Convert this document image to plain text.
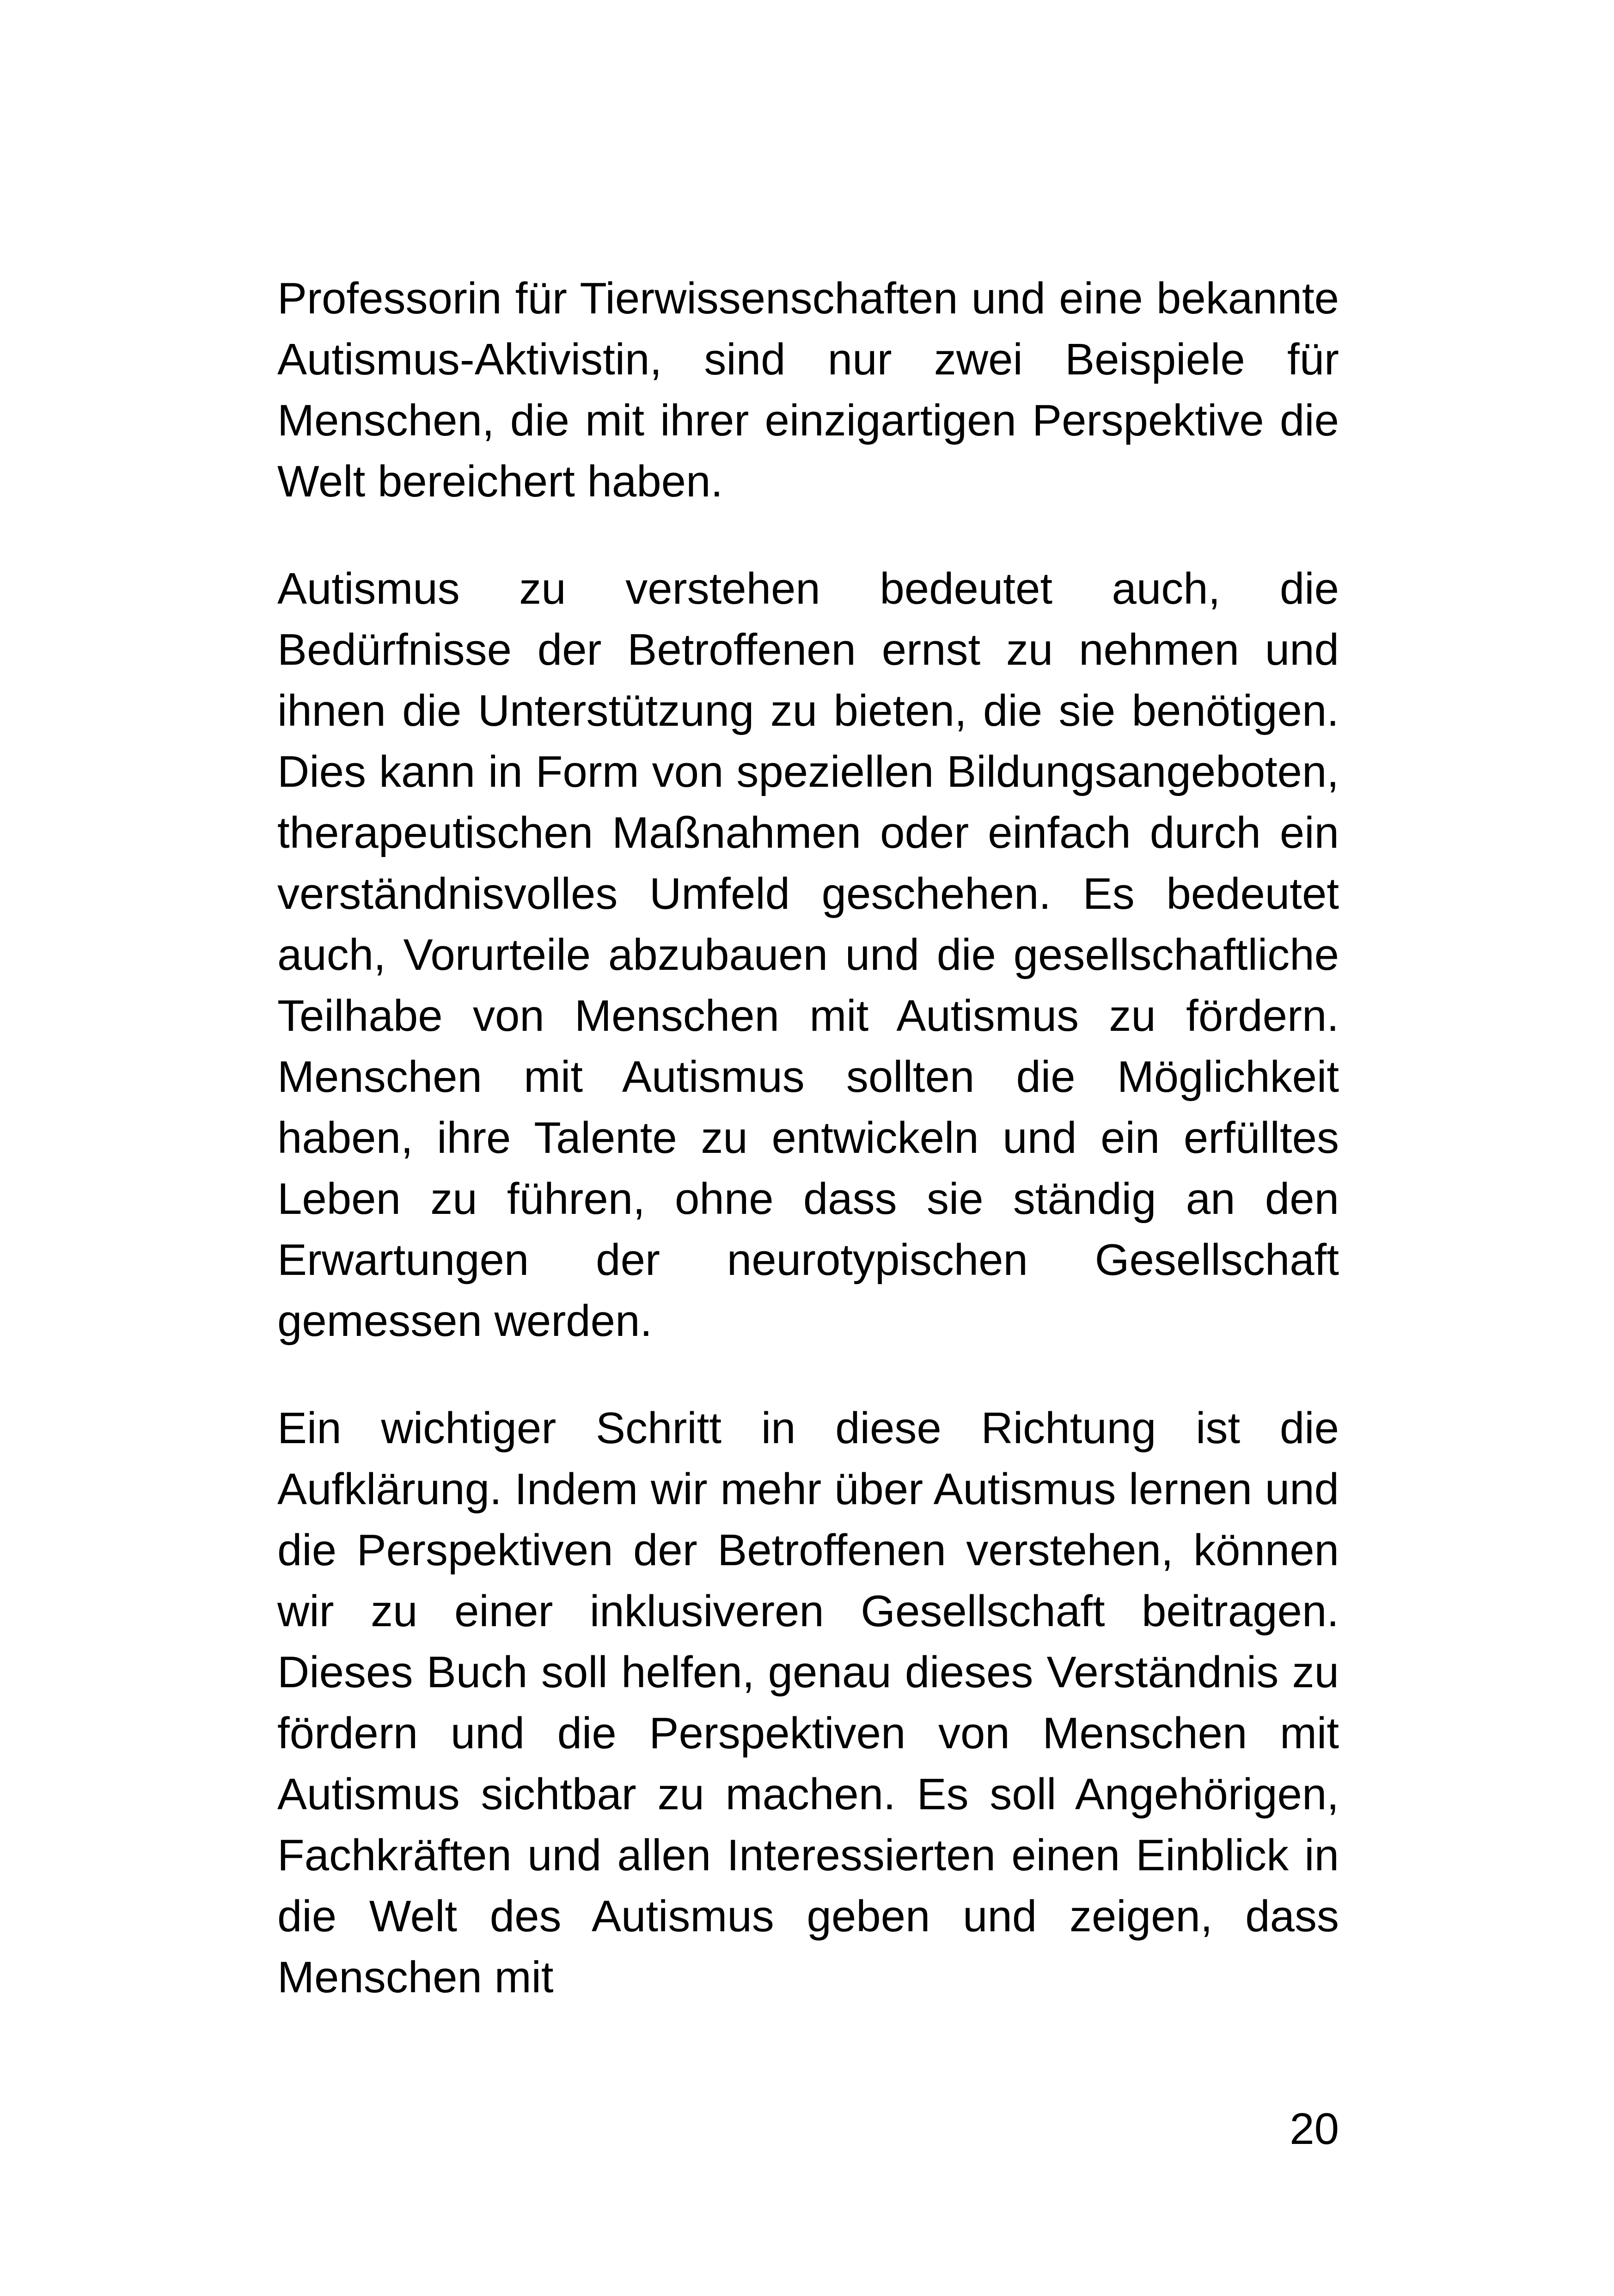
Professorin für Tierwissenschaften und eine bekannte Autismus-Aktivistin, sind nur zwei Beispiele für Menschen, die mit ihrer einzigartigen Perspektive die Welt bereichert haben.

Autismus zu verstehen bedeutet auch, die Bedürfnisse der Betroffenen ernst zu nehmen und ihnen die Unterstützung zu bieten, die sie benötigen. Dies kann in Form von speziellen Bildungsangeboten, therapeutischen Maßnahmen oder einfach durch ein verständnisvolles Umfeld geschehen. Es bedeutet auch, Vorurteile abzubauen und die gesellschaftliche Teilhabe von Menschen mit Autismus zu fördern. Menschen mit Autismus sollten die Möglichkeit haben, ihre Talente zu entwickeln und ein erfülltes Leben zu führen, ohne dass sie ständig an den Erwartungen der neurotypischen Gesellschaft gemessen werden.

Ein wichtiger Schritt in diese Richtung ist die Aufklärung. Indem wir mehr über Autismus lernen und die Perspektiven der Betroffenen verstehen, können wir zu einer inklusiveren Gesellschaft beitragen. Dieses Buch soll helfen, genau dieses Verständnis zu fördern und die Perspektiven von Menschen mit Autismus sichtbar zu machen. Es soll Angehörigen, Fachkräften und allen Interessierten einen Einblick in die Welt des Autismus geben und zeigen, dass Menschen mit

20
